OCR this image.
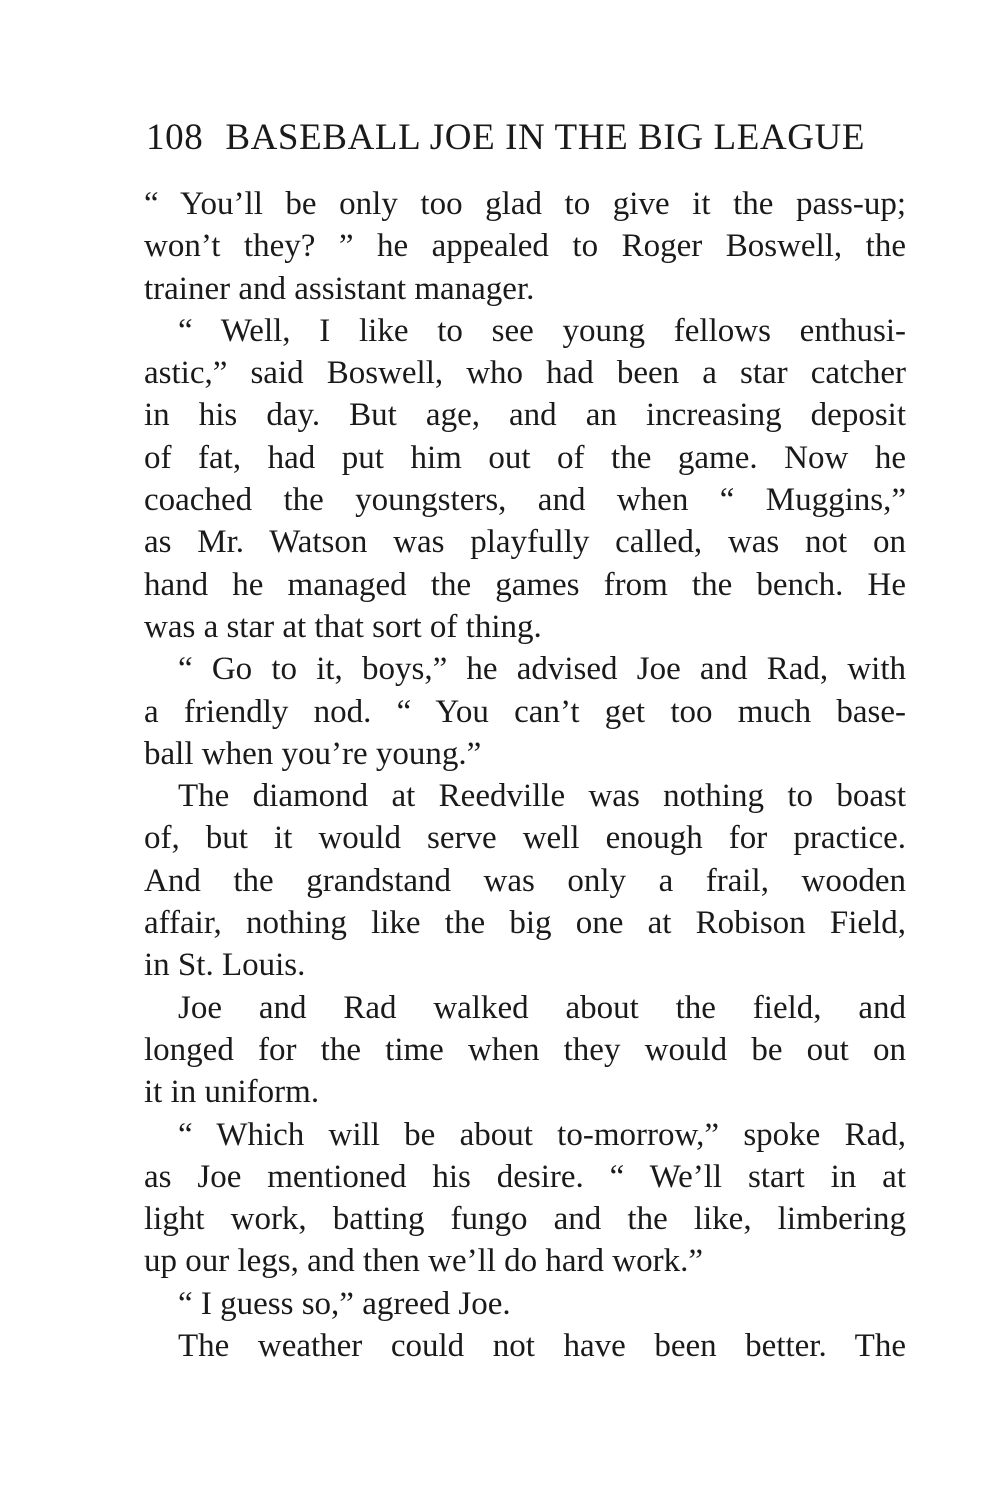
108 BASEBALL JOE IN THE BIG LEAGUE
“ You’ll be only too glad to give it the pass-up;
won’t they? ” he appealed to Roger Boswell, the
trainer and assistant manager.
“ Well, I like to see young fellows enthusi-
astic,” said Boswell, who had been a star catcher
in his day. But age, and an increasing deposit
of fat, had put him out of the game. Now he
coached the youngsters, and when “ Muggins,”
as Mr. Watson was playfully called, was not on
hand he managed the games from the bench. He
was a star at that sort of thing.
“ Go to it, boys,” he advised Joe and Rad, with
a friendly nod. “ You can’t get too much base-
ball when you’re young.”
The diamond at Reedville was nothing to boast
of, but it would serve well enough for practice.
And the grandstand was only a frail, wooden
affair, nothing like the big one at Robison Field,
in St. Louis.
Joe and Rad walked about the field, and
longed for the time when they would be out on
it in uniform.
“ Which will be about to-morrow,” spoke Rad,
as Joe mentioned his desire. “ We’ll start in at
light work, batting fungo and the like, limbering
up our legs, and then we’ll do hard work.”
“ I guess so,” agreed Joe.
The weather could not have been better. The
